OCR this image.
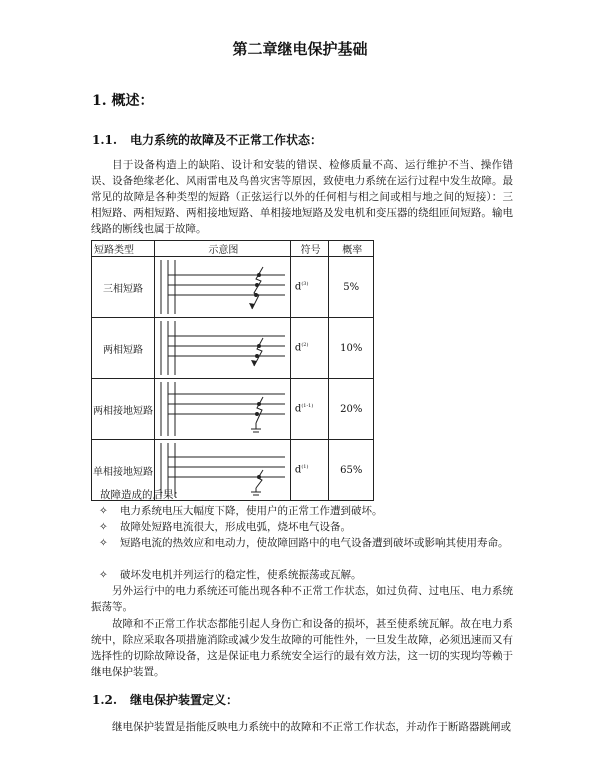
第二章继电保护基础
1. 概述：
1.1. 电力系统的故障及不正常工作状态：

目于设备构造上的缺陷、设计和安装的错误、检修质量不高、运行维护不当、操作错误、设备绝缘老化、风雨雷电及鸟兽灾害等原因，致使电力系统在运行过程中发生故障。最常见的故障是各种类型的短路（正弦运行以外的任何相与相之间或相与地之间的短接）：三相短路、两相短路、两相接地短路、单相接地短路及发电机和变压器的绕组匝间短路。输电线路的断线也属于故障。

短路类型	示意图	符号	概率
三相短路		$d^{(3)}$	5%
两相短路		$d^{(2)}$	10%
两相接地短路		$d^{(1-1)}$	20%
单相接地短路		$d^{(1)}$	65%

故障造成的后果：

✧	电力系统电压大幅度下降，使用户的正常工作遭到破坏。
✧	故障处短路电流很大，形成电弧，烧坏电气设备。
✧	短路电流的热效应和电动力，使故障回路中的电气设备遭到破坏或影响其使用寿命。
✧	破坏发电机并列运行的稳定性，使系统振荡或瓦解。

另外运行中的电力系统还可能出现各种不正常工作状态，如过负荷、过电压、电力系统振荡等。

故障和不正常工作状态都能引起人身伤亡和设备的损坏，甚至使系统瓦解。故在电力系统中，除应采取各项措施消除或减少发生故障的可能性外，一旦发生故障，必须迅速而又有选择性的切除故障设备，这是保证电力系统安全运行的最有效方法，这一切的实现均等赖于继电保护装置。

1.2. 继电保护装置定义：

继电保护装置是指能反映电力系统中的故障和不正常工作状态，并动作于断路器跳闸或
